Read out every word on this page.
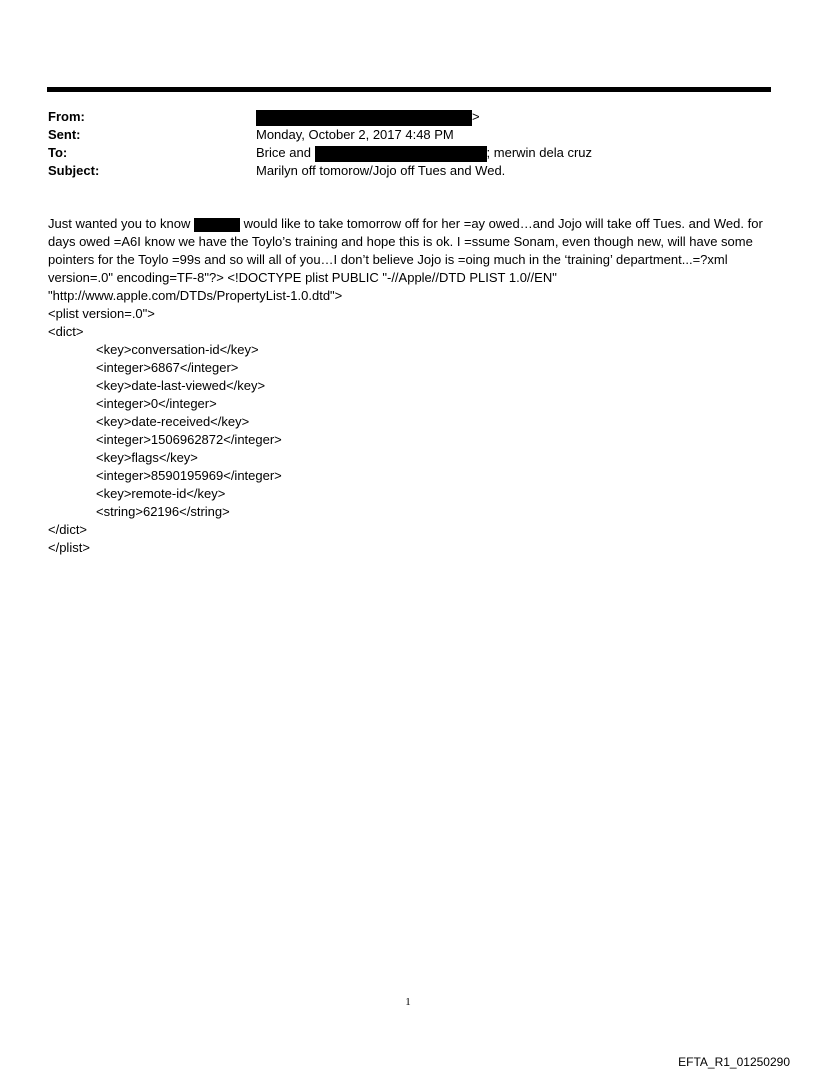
From:	>
Sent:	Monday, October 2, 2017 4:48 PM
To:	Brice and	; merwin dela cruz
Subject:	Marilyn off tomorow/Jojo off Tues and Wed.

Just wanted you to know	would like to take tomorrow off for her =ay owed…and Jojo will take off Tues. and Wed. for days owed =A6I know we have the Toylo’s training and hope this is ok. I =ssume Sonam, even though new, will have some pointers for the Toylo =99s and so will all of you…I don’t believe Jojo is =oing much in the ‘training’ department...=?xml version=.0" encoding=TF-8"?> <!DOCTYPE plist PUBLIC "-//Apple//DTD PLIST 1.0//EN" "http://www.apple.com/DTDs/PropertyList-1.0.dtd">

<plist version=.0">
<dict>
<key>conversation-id</key>
<integer>6867</integer>
<key>date-last-viewed</key>
<integer>0</integer>
<key>date-received</key>
<integer>1506962872</integer>
<key>flags</key>
<integer>8590195969</integer>
<key>remote-id</key>
<string>62196</string>
</dict>
</plist>
1
EFTA_R1_01250290
